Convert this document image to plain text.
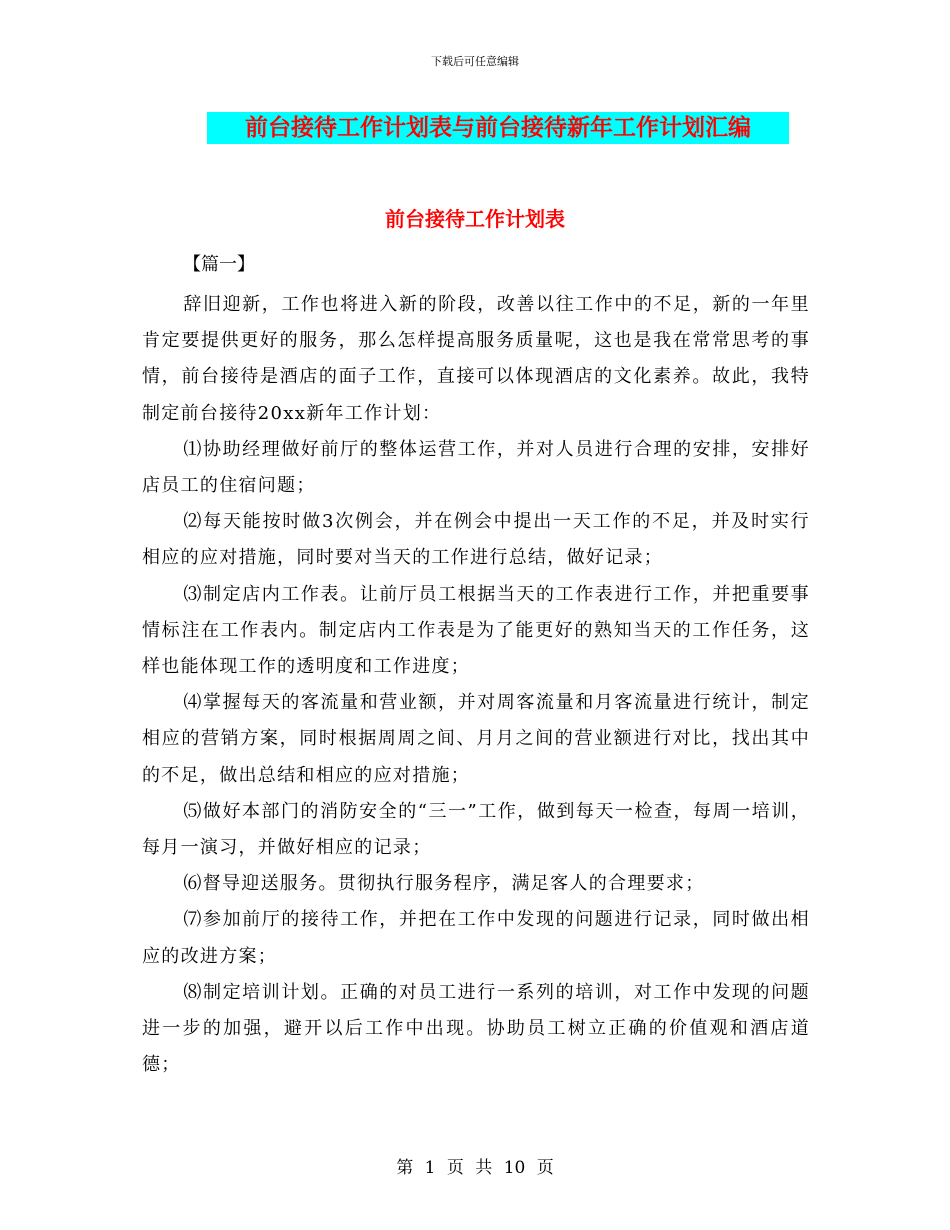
下载后可任意编辑
前台接待工作计划表与前台接待新年工作计划汇编
前台接待工作计划表
【篇一】

辞旧迎新，工作也将进入新的阶段，改善以往工作中的不足，新的一年里肯定要提供更好的服务，那么怎样提高服务质量呢，这也是我在常常思考的事情，前台接待是酒店的面子工作，直接可以体现酒店的文化素养。故此，我特制定前台接待20xx新年工作计划：

⑴协助经理做好前厅的整体运营工作，并对人员进行合理的安排，安排好店员工的住宿问题；

⑵每天能按时做3次例会，并在例会中提出一天工作的不足，并及时实行相应的应对措施，同时要对当天的工作进行总结，做好记录；

⑶制定店内工作表。让前厅员工根据当天的工作表进行工作，并把重要事情标注在工作表内。制定店内工作表是为了能更好的熟知当天的工作任务，这样也能体现工作的透明度和工作进度；

⑷掌握每天的客流量和营业额，并对周客流量和月客流量进行统计，制定相应的营销方案，同时根据周周之间、月月之间的营业额进行对比，找出其中的不足，做出总结和相应的应对措施；

⑸做好本部门的消防安全的“三一”工作，做到每天一检查，每周一培训，每月一演习，并做好相应的记录；

⑹督导迎送服务。贯彻执行服务程序，满足客人的合理要求；

⑺参加前厅的接待工作，并把在工作中发现的问题进行记录，同时做出相应的改进方案；

⑻制定培训计划。正确的对员工进行一系列的培训，对工作中发现的问题进一步的加强，避开以后工作中出现。协助员工树立正确的价值观和酒店道德；

第 1 页 共 10 页
